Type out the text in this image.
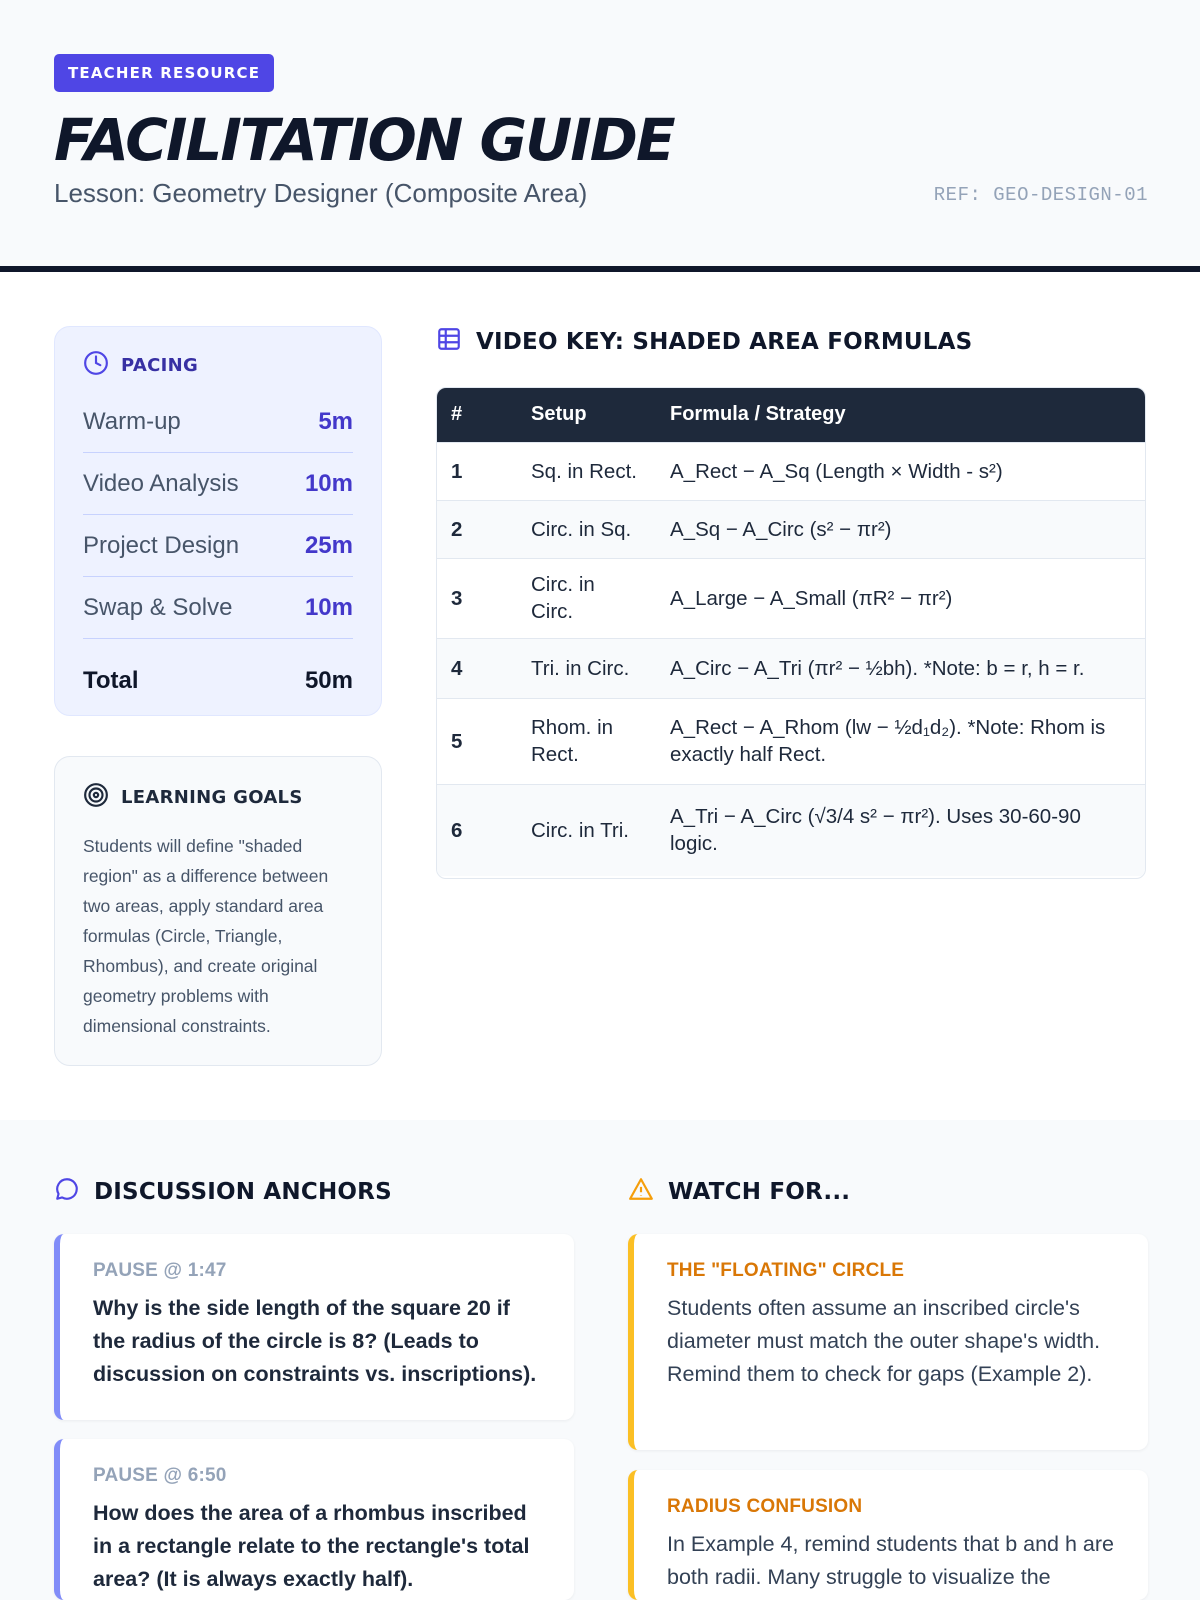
TEACHER RESOURCE
FACILITATION GUIDE
Lesson: Geometry Designer (Composite Area)	REF: GEO-DESIGN-01
PACING
Warm-up	5m
Video Analysis	10m
Project Design	25m
Swap & Solve	10m
Total	50m
LEARNING GOALS

Students will define "shaded region" as a difference between two areas, apply standard area formulas (Circle, Triangle, Rhombus), and create original geometry problems with dimensional constraints.

VIDEO KEY: SHADED AREA FORMULAS
#	Setup	Formula / Strategy
1	Sq. in Rect.	A_Rect − A_Sq (Length × Width - s²)
2	Circ. in Sq.	A_Sq − A_Circ (s² − πr²)
3	Circ. in Circ.	A_Large − A_Small (πR² − πr²)
4	Tri. in Circ.	A_Circ − A_Tri (πr² − ½bh). *Note: b = r, h = r.
5	Rhom. in Rect.	A_Rect − A_Rhom (lw − ½d₁d₂). *Note: Rhom is exactly half Rect.
6	Circ. in Tri.	A_Tri − A_Circ (√3/4 s² − πr²). Uses 30-60-90 logic.
DISCUSSION ANCHORS	WATCH FOR...
PAUSE @ 1:47
Why is the side length of the square 20 if the radius of the circle is 8? (Leads to discussion on constraints vs. inscriptions).
PAUSE @ 6:50
How does the area of a rhombus inscribed in a rectangle relate to the rectangle's total area? (It is always exactly half).
THE "FLOATING" CIRCLE
Students often assume an inscribed circle's diameter must match the outer shape's width. Remind them to check for gaps (Example 2).
RADIUS CONFUSION
In Example 4, remind students that b and h are both radii. Many struggle to visualize the
